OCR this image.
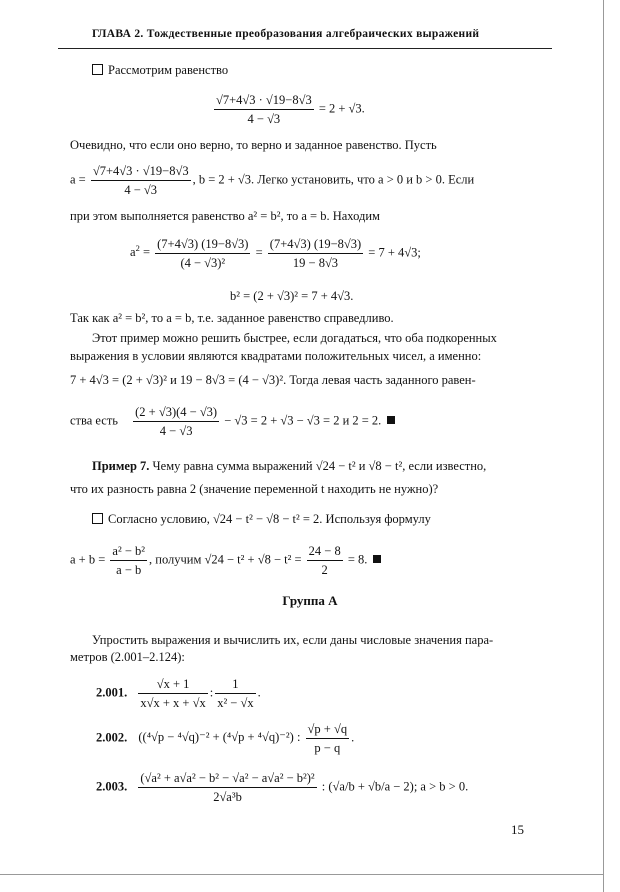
ГЛАВА 2. Тождественные преобразования алгебраических выражений
Рассмотрим равенство
$\frac{√7+4√3 \cdot √19-8√3}{4 - √3} = 2 + √3$.
Очевидно, что если оно верно, то верно и заданное равенство. Пусть
$a = \frac{√7+4√3 \cdot √19-8√3}{4 - √3}$ , b = 2 + √3. Легко установить, что a > 0 и b > 0. Если
при этом выполняется равенство a² = b², то a = b. Находим
$a^2 = \frac{(7+4√3) (19-8√3)}{\text{(4 − √3)²}} = \frac{(7+4√3) (19-8√3)}{19 - 8√3} = 7 + 4√3$;
b² = (2 + √3)² = 7 + 4√3.
Так как a² = b², то a = b, т.е. заданное равенство справедливо.
Этот пример можно решить быстрее, если догадаться, что оба подкоренных
выражения в условии являются квадратами положительных чисел, а именно:
7 + 4√3 = (2 + √3)² и 19 − 8√3 = (4 − √3)². Тогда левая часть заданного равен-
ства есть $\frac{(2 + √3)(4 - √3)}{4 - √3} - √3 = 2 + √3 - √3 = 2$ и 2 = 2.
Пример 7. Чему равна сумма выражений √24 − t² и √8 − t², если известно,
что их разность равна 2 (значение переменной t находить не нужно)?
Согласно условию, √24 − t² − √8 − t² = 2. Используя формулу
$a + b = \frac{\text{a² − b²}}{a - b}$ , получим $√24 - t^2 + √8 - t^2 = \frac{24 - 8}{2} = 8$.
Группа А
Упростить выражения и вычислить их, если даны числовые значения пара-
метров (2.001–2.124):
2.001. $\frac{√x + 1}{x√x + x + √x}$ : $\frac{1}{\text{x² − √x}}$ .
2.002. ((⁴√p − ⁴√q)⁻² + (⁴√p + ⁴√q)⁻²) : $\frac{√p + √q}{p - q}$ .
2.003. $\frac{\text{(√a² + a√a² − b² − √a² − a√a² − b²)²}}{\text{2√a³b}}$ : (√a/b + √b/a − 2); a > b > 0.
15
